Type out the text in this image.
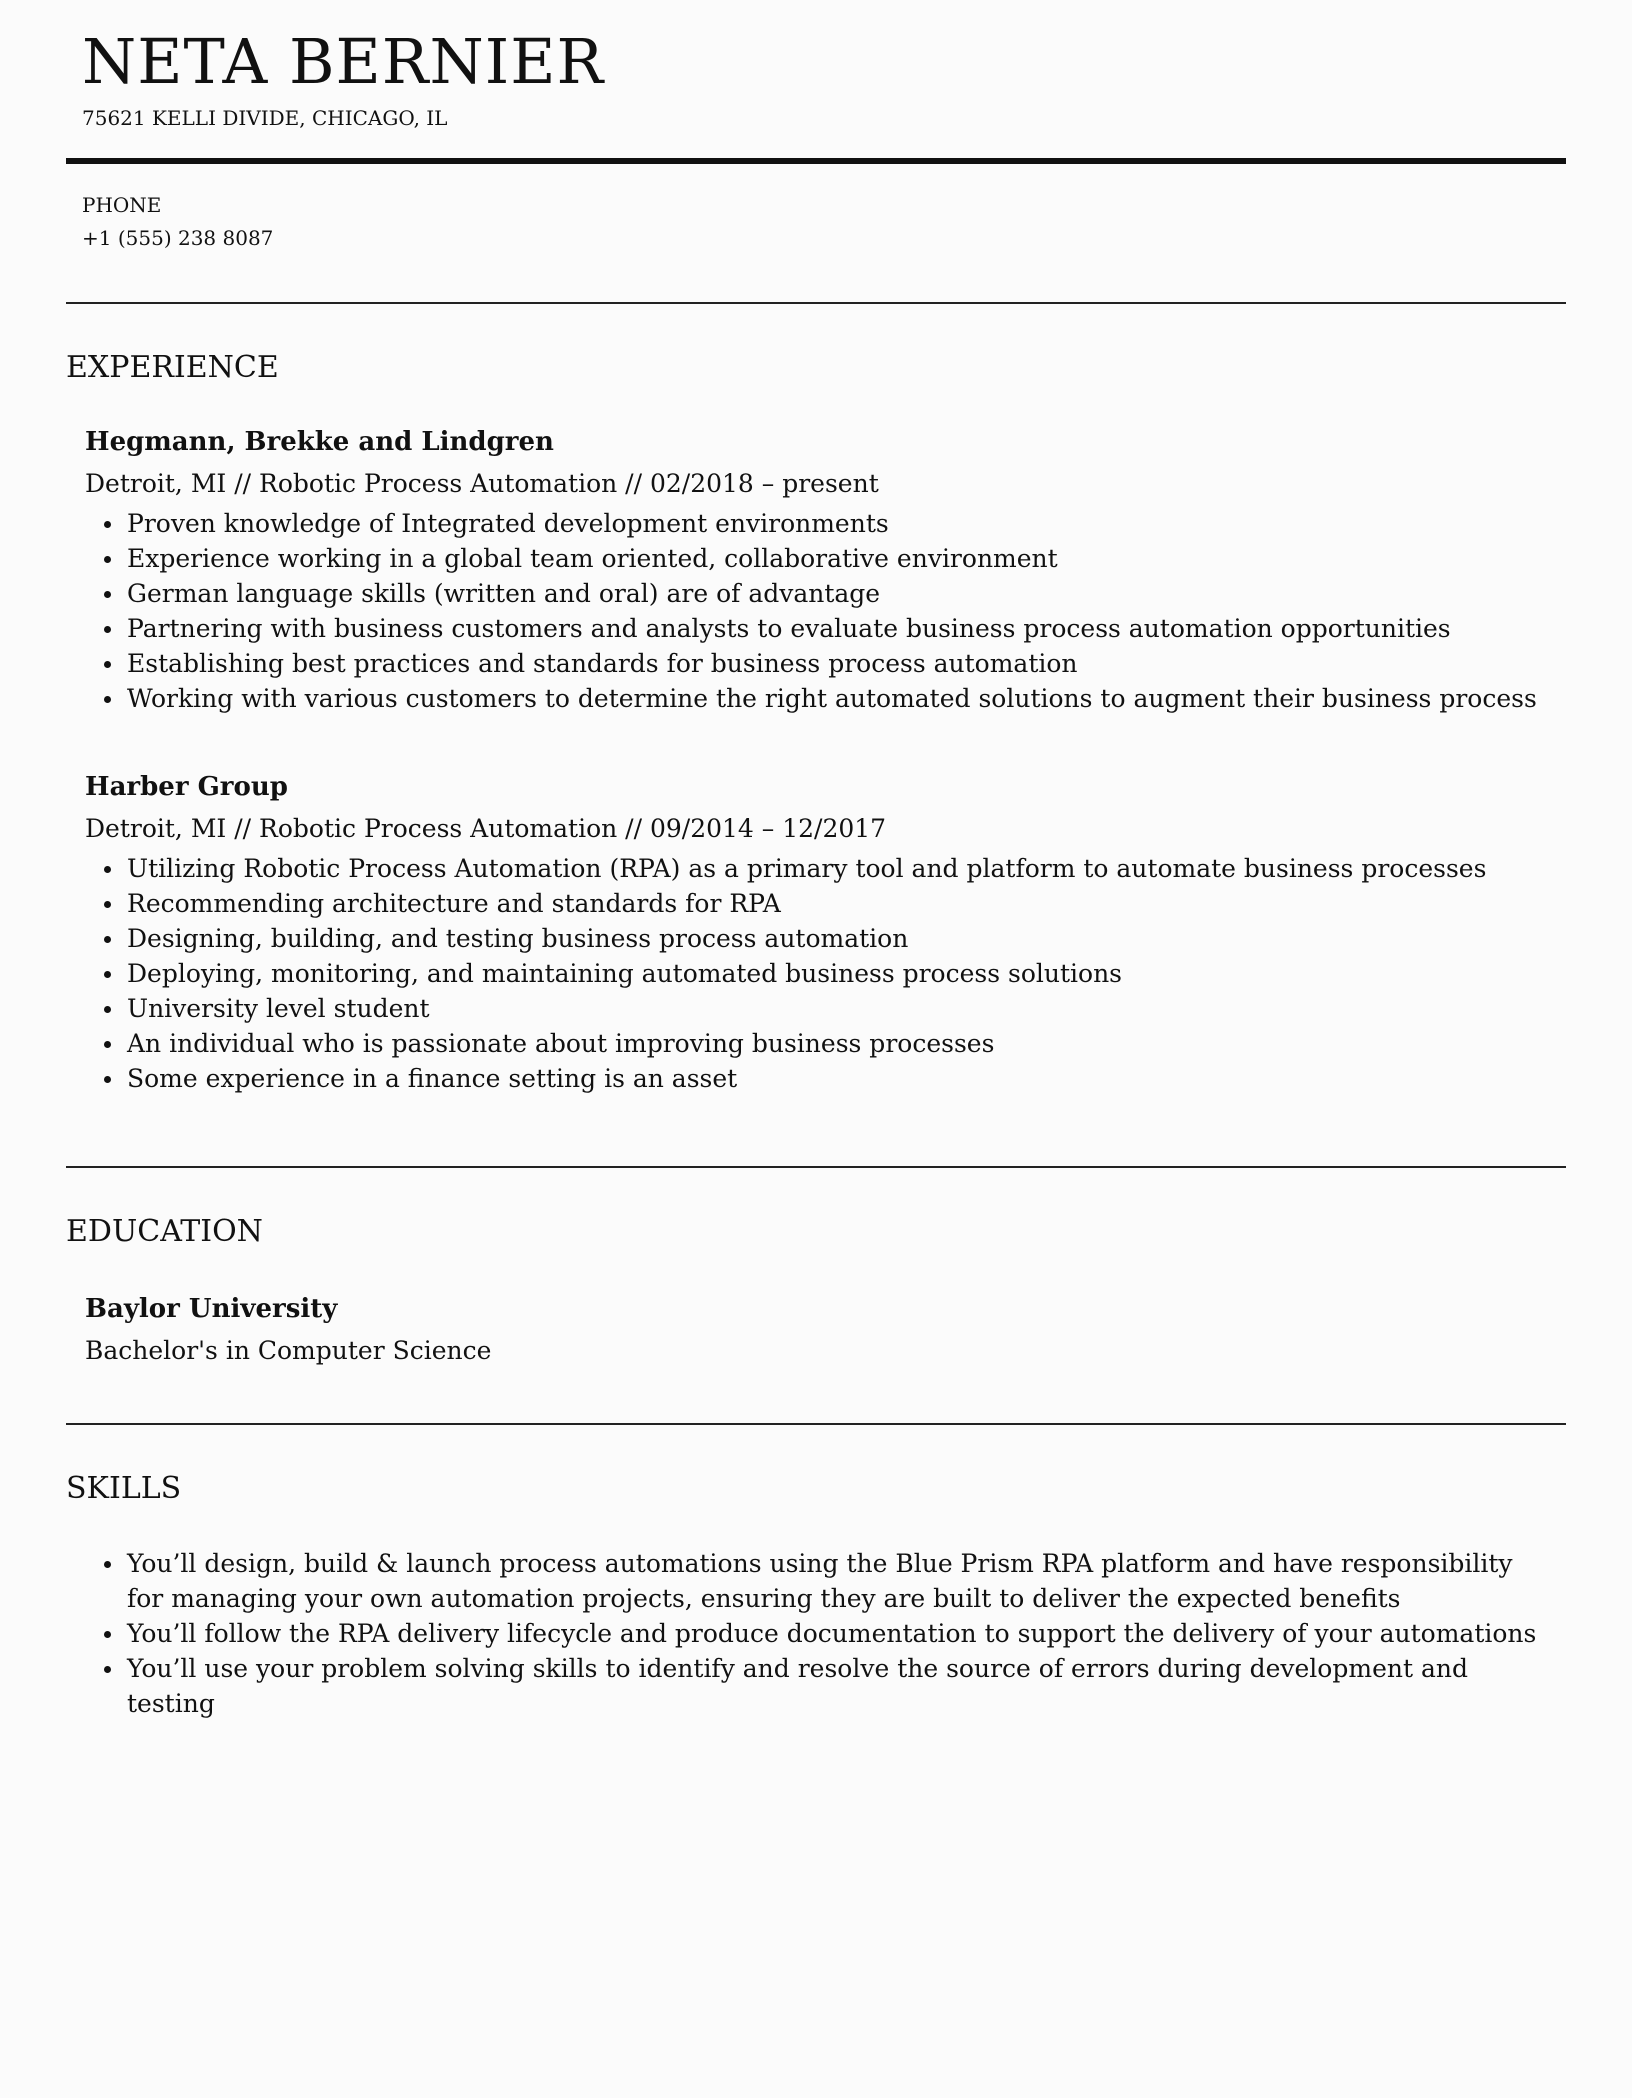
NETA BERNIER
75621 KELLI DIVIDE, CHICAGO, IL
PHONE
+1 (555) 238 8087
EXPERIENCE
Hegmann, Brekke and Lindgren
Detroit, MI // Robotic Process Automation // 02/2018 – present
Proven knowledge of Integrated development environments
Experience working in a global team oriented, collaborative environment
German language skills (written and oral) are of advantage
Partnering with business customers and analysts to evaluate business process automation opportunities
Establishing best practices and standards for business process automation
Working with various customers to determine the right automated solutions to augment their business process
Harber Group
Detroit, MI // Robotic Process Automation // 09/2014 – 12/2017
Utilizing Robotic Process Automation (RPA) as a primary tool and platform to automate business processes
Recommending architecture and standards for RPA
Designing, building, and testing business process automation
Deploying, monitoring, and maintaining automated business process solutions
University level student
An individual who is passionate about improving business processes
Some experience in a finance setting is an asset
EDUCATION
Baylor University
Bachelor's in Computer Science
SKILLS
You’ll design, build & launch process automations using the Blue Prism RPA platform and have responsibility for managing your own automation projects, ensuring they are built to deliver the expected benefits
You’ll follow the RPA delivery lifecycle and produce documentation to support the delivery of your automations
You’ll use your problem solving skills to identify and resolve the source of errors during development and testing
